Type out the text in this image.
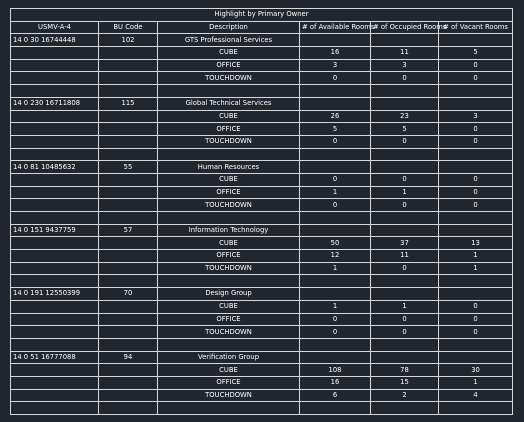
Highlight by Primary Owner					
USMV-A-4	BU Code	Description	# of Available Rooms	# of Occupied Rooms	# of Vacant Rooms
14 0 30 16744448	102	GTS Professional Services			
		CUBE	16	11	5
		OFFICE	3	3	0
		TOUCHDOWN	0	0	0

14 0 230 16711808	115	Global Technical Services			
		CUBE	26	23	3
		OFFICE	5	5	0
		TOUCHDOWN	0	0	0

14 0 81 10485632	55	Human Resources			
		CUBE	0	0	0
		OFFICE	1	1	0
		TOUCHDOWN	0	0	0

14 0 151 9437759	57	Information Technology			
		CUBE	50	37	13
		OFFICE	12	11	1
		TOUCHDOWN	1	0	1

14 0 191 12550399	70	Design Group			
		CUBE	1	1	0
		OFFICE	0	0	0
		TOUCHDOWN	0	0	0

14 0 51 16777088	94	Verification Group			
		CUBE	108	78	30
		OFFICE	16	15	1
		TOUCHDOWN	6	2	4
